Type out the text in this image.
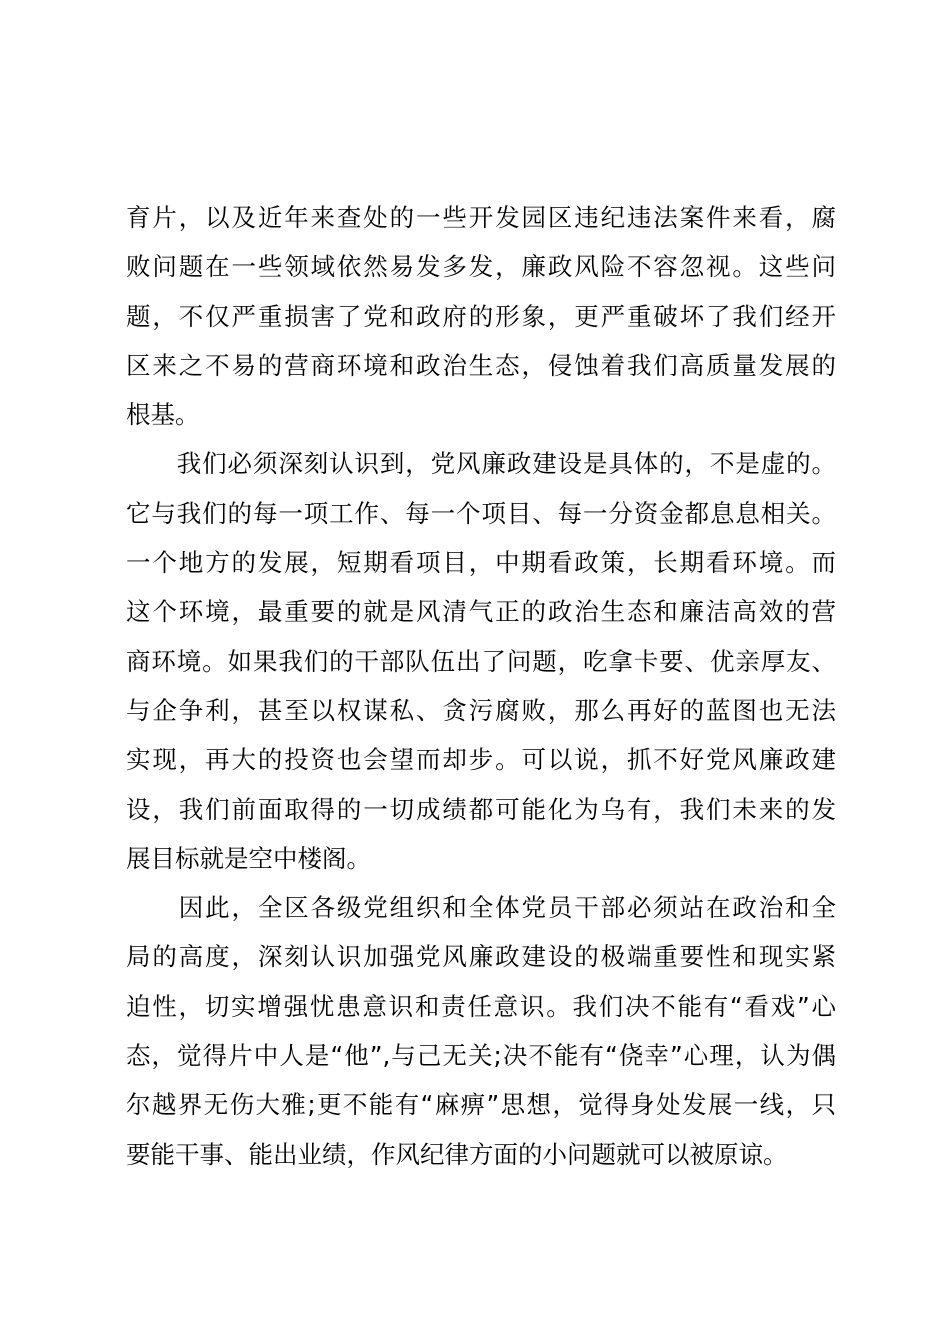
育片，以及近年来查处的一些开发园区违纪违法案件来看，腐
败问题在一些领域依然易发多发，廉政风险不容忽视。这些问
题，不仅严重损害了党和政府的形象，更严重破坏了我们经开
区来之不易的营商环境和政治生态，侵蚀着我们高质量发展的
根基。
　　我们必须深刻认识到，党风廉政建设是具体的，不是虚的。
它与我们的每一项工作、每一个项目、每一分资金都息息相关。
一个地方的发展，短期看项目，中期看政策，长期看环境。而
这个环境，最重要的就是风清气正的政治生态和廉洁高效的营
商环境。如果我们的干部队伍出了问题，吃拿卡要、优亲厚友、
与企争利，甚至以权谋私、贪污腐败，那么再好的蓝图也无法
实现，再大的投资也会望而却步。可以说，抓不好党风廉政建
设，我们前面取得的一切成绩都可能化为乌有，我们未来的发
展目标就是空中楼阁。
　　因此，全区各级党组织和全体党员干部必须站在政治和全
局的高度，深刻认识加强党风廉政建设的极端重要性和现实紧
迫性，切实增强忧患意识和责任意识。我们决不能有“看戏”心
态，觉得片中人是“他”,与己无关;决不能有“侥幸”心理，认为偶
尔越界无伤大雅;更不能有“麻痹”思想，觉得身处发展一线，只
要能干事、能出业绩，作风纪律方面的小问题就可以被原谅。
